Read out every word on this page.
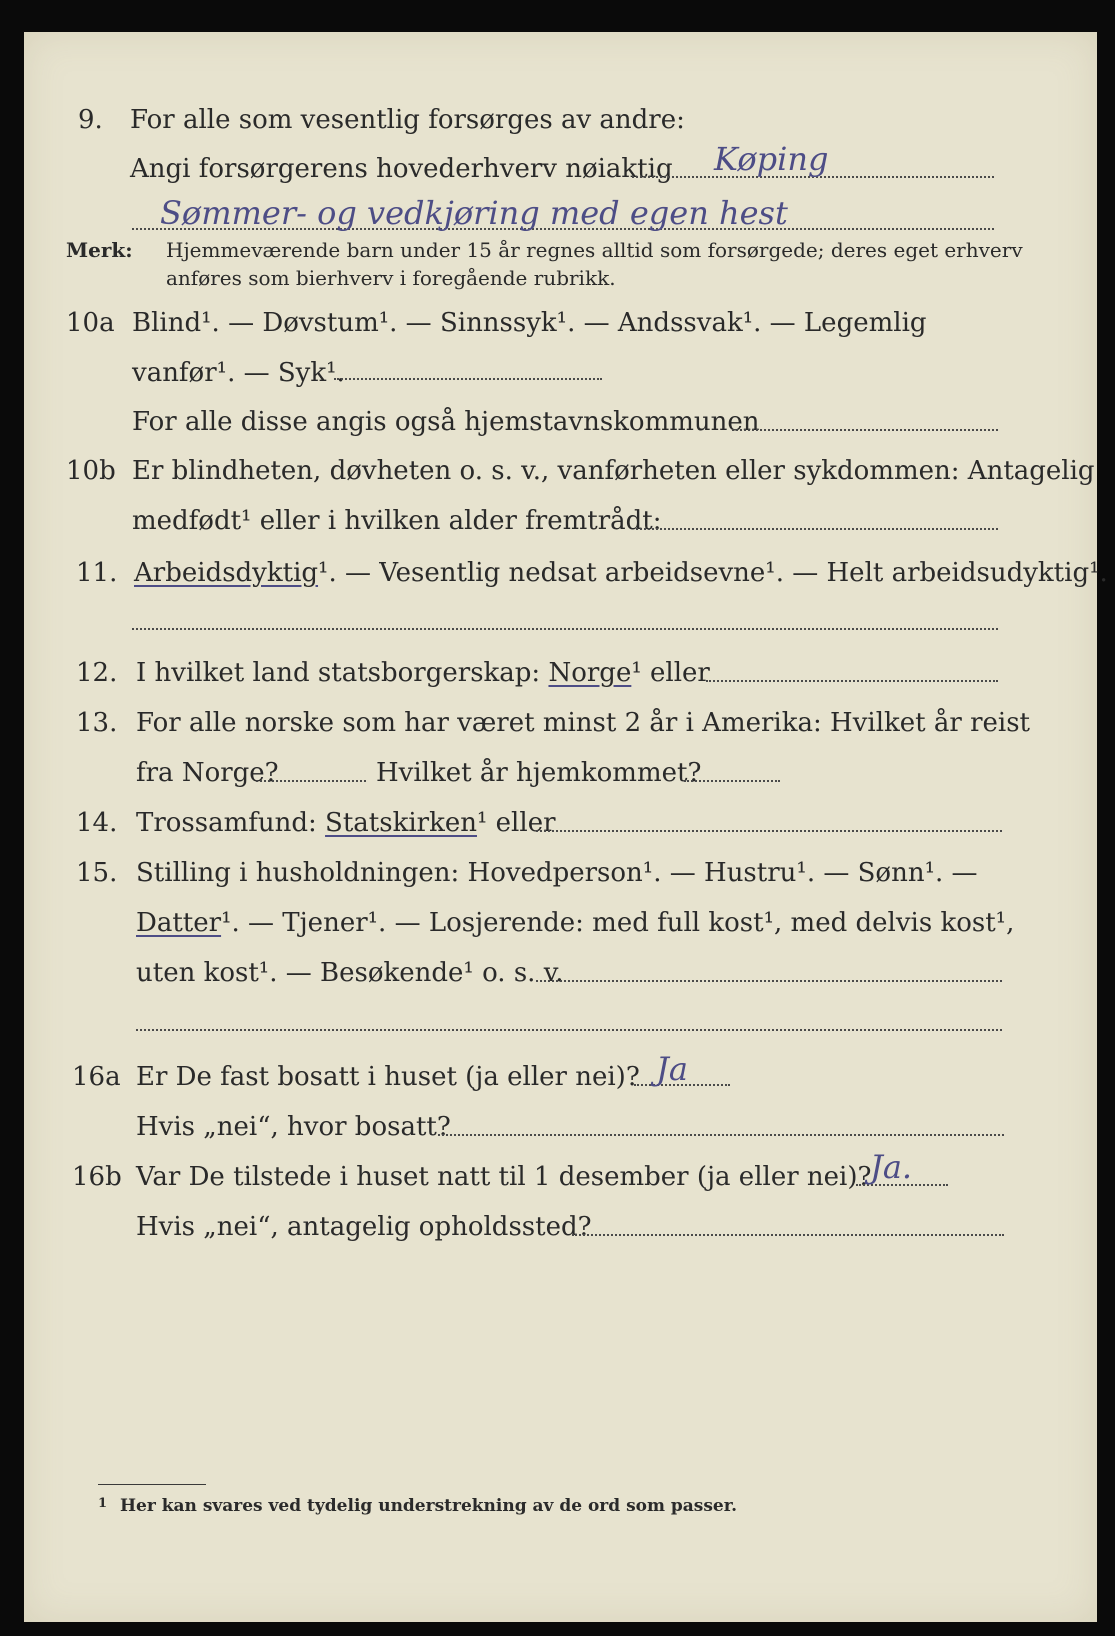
9. For alle som vesentlig forsørges av andre:
Angi forsørgerens hovederhverv nøiaktig Køping
Sømmer- og vedkjøring med egen hest
Merk: Hjemmeværende barn under 15 år regnes alltid som forsørgede; deres eget erhverv
anføres som bierhverv i foregående rubrikk.
10a Blind¹. — Døvstum¹. — Sinnssyk¹. — Andssvak¹. — Legemlig
vanfør¹. — Syk¹.
For alle disse angis også hjemstavnskommunen
10b Er blindheten, døvheten o. s. v., vanførheten eller sykdommen: Antagelig
medfødt¹ eller i hvilken alder fremtrådt:
11. Arbeidsdyktig¹. — Vesentlig nedsat arbeidsevne¹. — Helt arbeidsudyktig¹.
12. I hvilket land statsborgerskap: Norge¹ eller
13. For alle norske som har været minst 2 år i Amerika: Hvilket år reist
fra Norge?	Hvilket år hjemkommet?
14. Trossamfund: Statskirken¹ eller
15. Stilling i husholdningen: Hovedperson¹. — Hustru¹. — Sønn¹. —
Datter¹. — Tjener¹. — Losjerende: med full kost¹, med delvis kost¹,
uten kost¹. — Besøkende¹ o. s. v.
16a Er De fast bosatt i huset (ja eller nei)? Ja
Hvis „nei“, hvor bosatt?
16b Var De tilstede i huset natt til 1 desember (ja eller nei)?
Ja.
Hvis „nei“, antagelig opholdssted?
1 Her kan svares ved tydelig understrekning av de ord som passer.
